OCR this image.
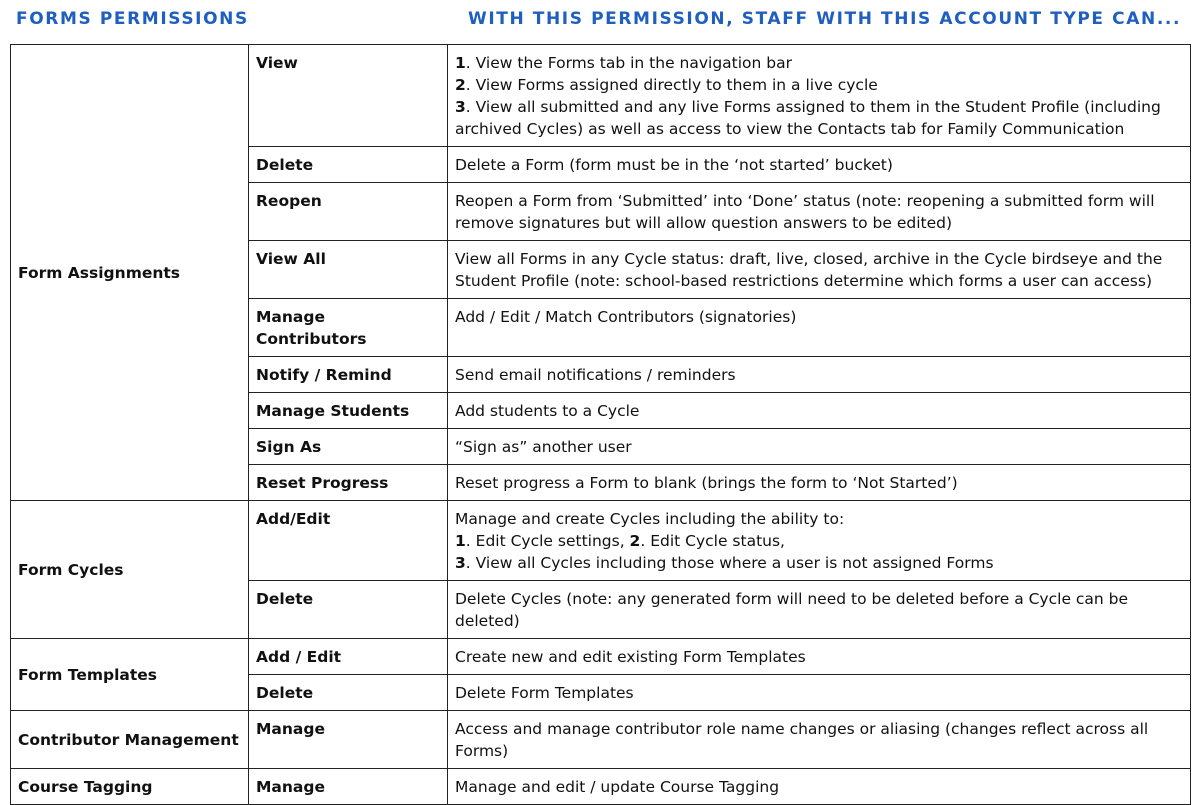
FORMS PERMISSIONS	WITH THIS PERMISSION, STAFF WITH THIS ACCOUNT TYPE CAN...
Form Assignments	View	1. View the Forms tab in the navigation bar
2. View Forms assigned directly to them in a live cycle
3. View all submitted and any live Forms assigned to them in the Student Profile (including archived Cycles) as well as access to view the Contacts tab for Family Communication

	Delete	Delete a Form (form must be in the ‘not started’ bucket)

	Reopen	Reopen a Form from ‘Submitted’ into ‘Done’ status (note: reopening a submitted form will remove signatures but will allow question answers to be edited)

	View All	View all Forms in any Cycle status: draft, live, closed, archive in the Cycle birdseye and the Student Profile (note: school-based restrictions determine which forms a user can access)

	Manage Contributors	Add / Edit / Match Contributors (signatories)

	Notify / Remind	Send email notifications / reminders

	Manage Students	Add students to a Cycle

	Sign As	“Sign as” another user

	Reset Progress	Reset progress a Form to blank (brings the form to ‘Not Started’)

Form Cycles	Add/Edit	Manage and create Cycles including the ability to:
1. Edit Cycle settings, 2. Edit Cycle status,
3. View all Cycles including those where a user is not assigned Forms

	Delete	Delete Cycles (note: any generated form will need to be deleted before a Cycle can be deleted)

Form Templates	Add / Edit	Create new and edit existing Form Templates

	Delete	Delete Form Templates

Contributor Management	Manage	Access and manage contributor role name changes or aliasing (changes reflect across all Forms)

Course Tagging	Manage	Manage and edit / update Course Tagging
